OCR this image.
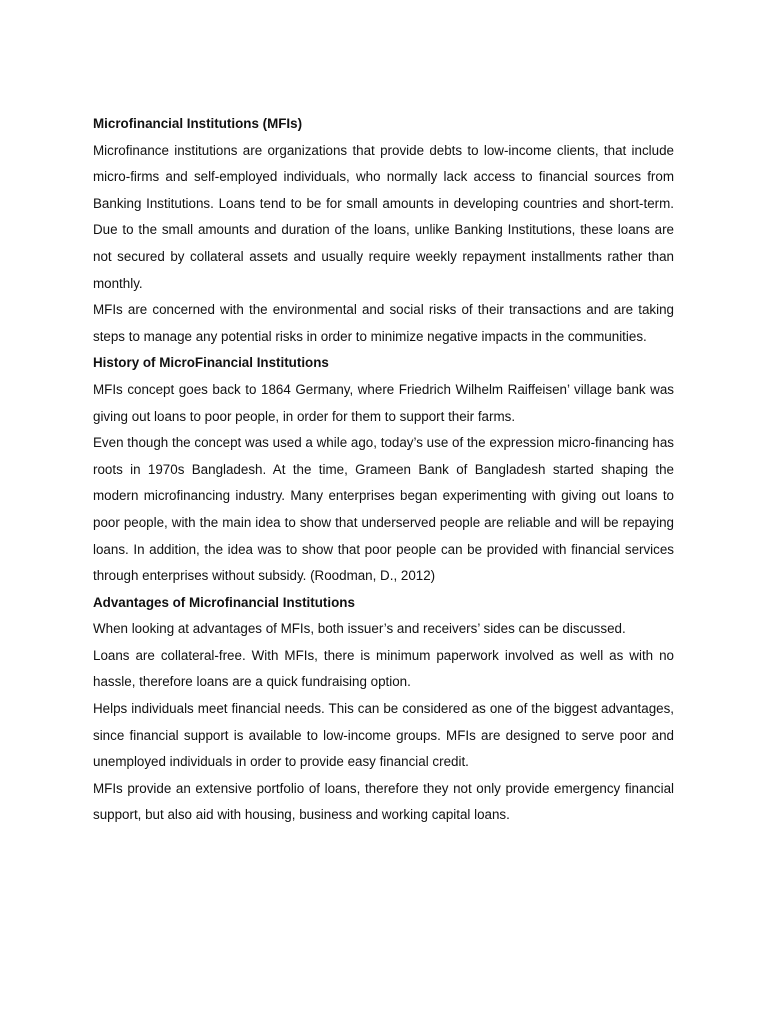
Microfinancial Institutions (MFIs)

Microfinance institutions are organizations that provide debts to low-income clients, that include micro-firms and self-employed individuals, who normally lack access to financial sources from Banking Institutions. Loans tend to be for small amounts in developing countries and short-term. Due to the small amounts and duration of the loans, unlike Banking Institutions, these loans are not secured by collateral assets and usually require weekly repayment installments rather than monthly.

MFIs are concerned with the environmental and social risks of their transactions and are taking steps to manage any potential risks in order to minimize negative impacts in the communities.

History of MicroFinancial Institutions

MFIs concept goes back to 1864 Germany, where Friedrich Wilhelm Raiffeisen’ village bank was giving out loans to poor people, in order for them to support their farms.

Even though the concept was used a while ago, today’s use of the expression micro-financing has roots in 1970s Bangladesh. At the time, Grameen Bank of Bangladesh started shaping the modern microfinancing industry. Many enterprises began experimenting with giving out loans to poor people, with the main idea to show that underserved people are reliable and will be repaying loans. In addition, the idea was to show that poor people can be provided with financial services through enterprises without subsidy. (Roodman, D., 2012)

Advantages of Microfinancial Institutions

When looking at advantages of MFIs, both issuer’s and receivers’ sides can be discussed.

Loans are collateral-free. With MFIs, there is minimum paperwork involved as well as with no hassle, therefore loans are a quick fundraising option.

Helps individuals meet financial needs. This can be considered as one of the biggest advantages, since financial support is available to low-income groups. MFIs are designed to serve poor and unemployed individuals in order to provide easy financial credit.

MFIs provide an extensive portfolio of loans, therefore they not only provide emergency financial support, but also aid with housing, business and working capital loans.
